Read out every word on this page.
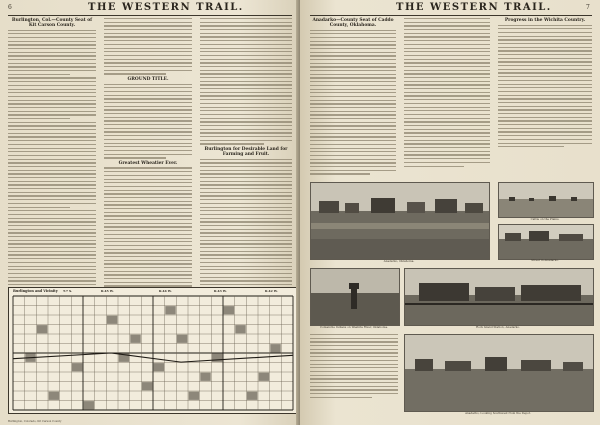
6	THE WESTERN TRAIL.
Burlington, Col.—County Seat of Kit Carson County.
GROUND TITLE.
Greatest Wheatier Ever.
Burlington for Desirable Land for Farming and Fruit.
Burlington and Vicinity T.7 S.	R.45 W.	R.44 W.	R.43 W.	R.42 W.
Burlington, Colorado, Kit Carson County
THE WESTERN TRAIL.	7
Anadarko—County Seat of Caddo County, Oklahoma.
Progress in the Wichita Country.
Anadarko, Oklahoma.
Cattle on the Plains.
Street in Anadarko.
Comanche Indians on Washita River, Oklahoma.	Rock Island Station, Anadarko.
Anadarko, Looking Southwest from the Depot.
